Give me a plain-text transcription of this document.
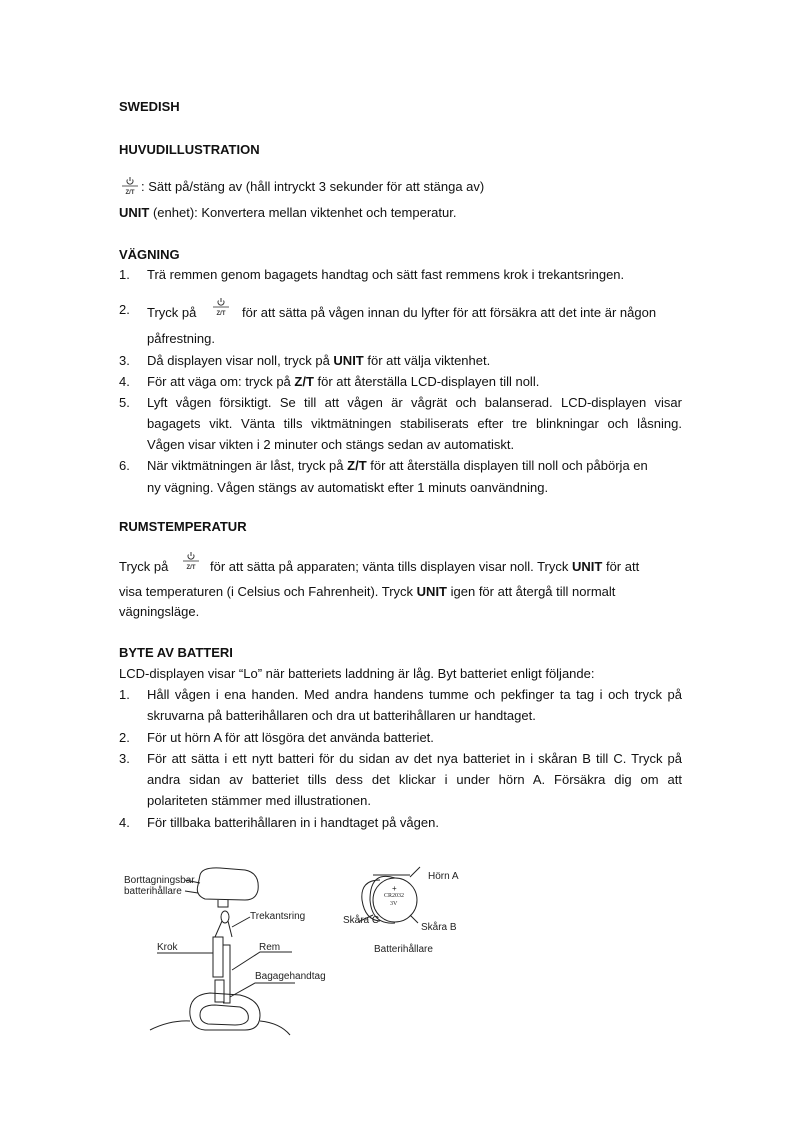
SWEDISH
HUVUDILLUSTRATION
Z/T : Sätt på/stäng av (håll intryckt 3 sekunder för att stänga av)
UNIT (enhet): Konvertera mellan viktenhet och temperatur.
VÄGNING
1. Trä remmen genom bagagets handtag och sätt fast remmens krok i trekantsringen.
2. Tryck på	Z/T för att sätta på vågen innan du lyfter för att försäkra att det inte är någon
påfrestning.
3. Då displayen visar noll, tryck på UNIT för att välja viktenhet.
4. För att väga om: tryck på Z/T för att återställa LCD-displayen till noll.
5. Lyft vågen försiktigt. Se till att vågen är vågrät och balanserad. LCD-displayen visar
bagagets vikt. Vänta tills viktmätningen stabiliserats efter tre blinkningar och låsning.
Vågen visar vikten i 2 minuter och stängs sedan av automatiskt.
6. När viktmätningen är låst, tryck på Z/T för att återställa displayen till noll och påbörja en
ny vägning. Vågen stängs av automatiskt efter 1 minuts oanvändning.
RUMSTEMPERATUR
Tryck på	Z/T för att sätta på apparaten; vänta tills displayen visar noll. Tryck UNIT för att
visa temperaturen (i Celsius och Fahrenheit). Tryck UNIT igen för att återgå till normalt
vägningsläge.
BYTE AV BATTERI
LCD-displayen visar “Lo” när batteriets laddning är låg. Byt batteriet enligt följande:
1. Håll vågen i ena handen. Med andra handens tumme och pekfinger ta tag i och tryck på
skruvarna på batterihållaren och dra ut batterihållaren ur handtaget.
2. För ut hörn A för att lösgöra det använda batteriet.
3. För att sätta i ett nytt batteri för du sidan av det nya batteriet in i skåran B till C. Tryck på
andra sidan av batteriet tills dess det klickar i under hörn A. Försäkra dig om att
polariteten stämmer med illustrationen.
4. För tillbaka batterihållaren in i handtaget på vågen.
Borttagningsbar
batterihållare
Trekantsring
Krok	Rem
Bagagehandtag
Hörn A
Skåra C
Skåra B
Batterihållare
+
CR2032
3V
